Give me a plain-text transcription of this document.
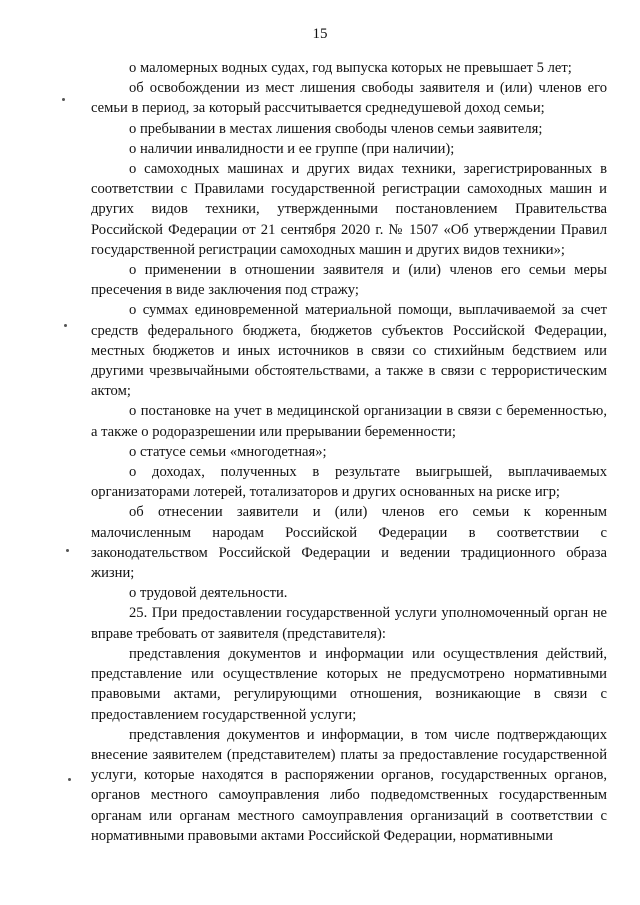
15

о маломерных водных судах, год выпуска которых не превышает 5 лет;

об освобождении из мест лишения свободы заявителя и (или) членов его семьи в период, за который рассчитывается среднедушевой доход семьи;

о пребывании в местах лишения свободы членов семьи заявителя;

о наличии инвалидности и ее группе (при наличии);

о самоходных машинах и других видах техники, зарегистрированных в соответствии с Правилами государственной регистрации самоходных машин и других видов техники, утвержденными постановлением Правительства Российской Федерации от 21 сентября 2020 г. № 1507 «Об утверждении Правил государственной регистрации самоходных машин и других видов техники»;

о применении в отношении заявителя и (или) членов его семьи меры пресечения в виде заключения под стражу;

о суммах единовременной материальной помощи, выплачиваемой за счет средств федерального бюджета, бюджетов субъектов Российской Федерации, местных бюджетов и иных источников в связи со стихийным бедствием или другими чрезвычайными обстоятельствами, а также в связи с террористическим актом;

о постановке на учет в медицинской организации в связи с беременностью, а также о родоразрешении или прерывании беременности;

о статусе семьи «многодетная»;

о доходах, полученных в результате выигрышей, выплачиваемых организаторами лотерей, тотализаторов и других основанных на риске игр;

об отнесении заявители и (или) членов его семьи к коренным малочисленным народам Российской Федерации в соответствии с законодательством Российской Федерации и ведении традиционного образа жизни;

о трудовой деятельности.

25. При предоставлении государственной услуги уполномоченный орган не вправе требовать от заявителя (представителя):

представления документов и информации или осуществления действий, представление или осуществление которых не предусмотрено нормативными правовыми актами, регулирующими отношения, возникающие в связи с предоставлением государственной услуги;

представления документов и информации, в том числе подтверждающих внесение заявителем (представителем) платы за предоставление государственной услуги, которые находятся в распоряжении органов, государственных органов, органов местного самоуправления либо подведомственных государственным органам или органам местного самоуправления организаций в соответствии с нормативными правовыми актами Российской Федерации, нормативными
